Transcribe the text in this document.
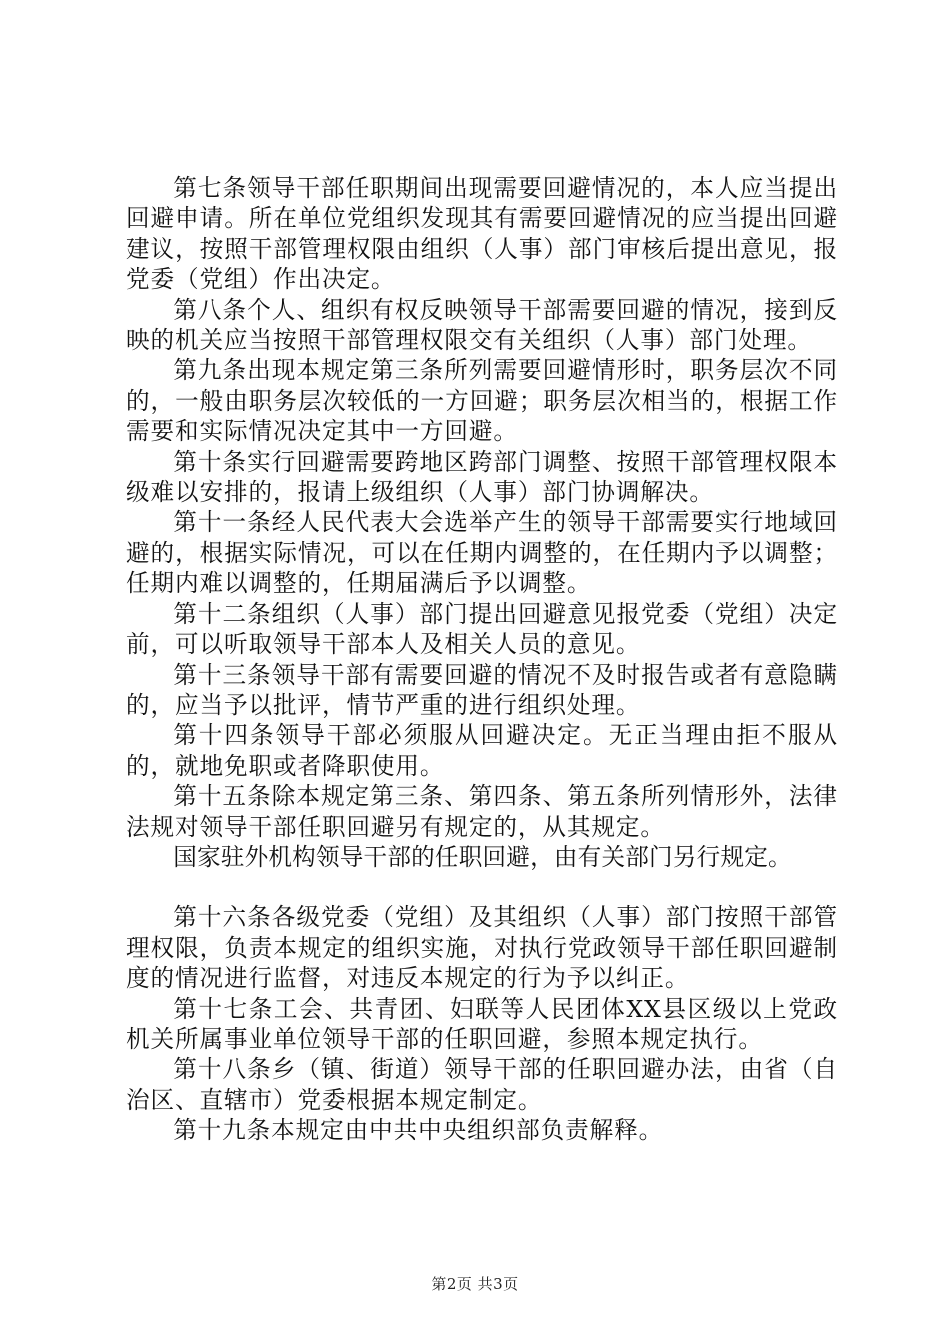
第七条领导干部任职期间出现需要回避情况的，本人应当提出回避申请。所在单位党组织发现其有需要回避情况的应当提出回避建议，按照干部管理权限由组织（人事）部门审核后提出意见，报党委（党组）作出决定。

第八条个人、组织有权反映领导干部需要回避的情况，接到反映的机关应当按照干部管理权限交有关组织（人事）部门处理。

第九条出现本规定第三条所列需要回避情形时，职务层次不同的，一般由职务层次较低的一方回避；职务层次相当的，根据工作需要和实际情况决定其中一方回避。

第十条实行回避需要跨地区跨部门调整、按照干部管理权限本级难以安排的，报请上级组织（人事）部门协调解决。

第十一条经人民代表大会选举产生的领导干部需要实行地域回避的，根据实际情况，可以在任期内调整的，在任期内予以调整；任期内难以调整的，任期届满后予以调整。

第十二条组织（人事）部门提出回避意见报党委（党组）决定前，可以听取领导干部本人及相关人员的意见。

第十三条领导干部有需要回避的情况不及时报告或者有意隐瞒的，应当予以批评，情节严重的进行组织处理。

第十四条领导干部必须服从回避决定。无正当理由拒不服从的，就地免职或者降职使用。

第十五条除本规定第三条、第四条、第五条所列情形外，法律法规对领导干部任职回避另有规定的，从其规定。

国家驻外机构领导干部的任职回避，由有关部门另行规定。

第十六条各级党委（党组）及其组织（人事）部门按照干部管理权限，负责本规定的组织实施，对执行党政领导干部任职回避制度的情况进行监督，对违反本规定的行为予以纠正。

第十七条工会、共青团、妇联等人民团体XX县区级以上党政机关所属事业单位领导干部的任职回避，参照本规定执行。

第十八条乡（镇、街道）领导干部的任职回避办法，由省（自治区、直辖市）党委根据本规定制定。

第十九条本规定由中共中央组织部负责解释。

第2页 共3页
